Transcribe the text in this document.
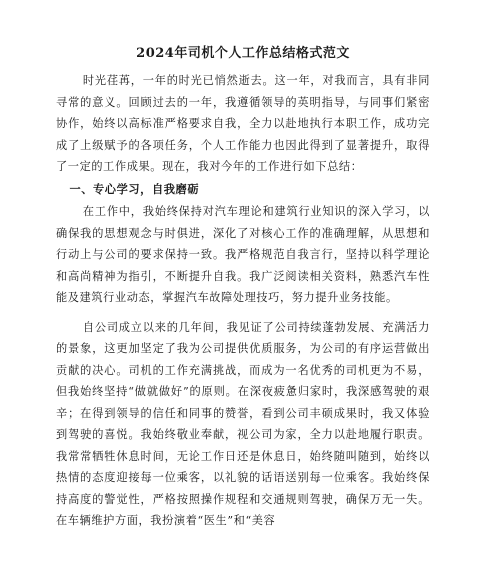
2024年司机个人工作总结格式范文

时光荏苒，一年的时光已悄然逝去。这一年，对我而言，具有非同寻常的意义。回顾过去的一年，我遵循领导的英明指导，与同事们紧密协作，始终以高标准严格要求自我，全力以赴地执行本职工作，成功完成了上级赋予的各项任务，个人工作能力也因此得到了显著提升，取得了一定的工作成果。现在，我对今年的工作进行如下总结：

一、专心学习，自我磨砺

在工作中，我始终保持对汽车理论和建筑行业知识的深入学习，以确保我的思想观念与时俱进，深化了对核心工作的准确理解，从思想和行动上与公司的要求保持一致。我严格规范自我言行，坚持以科学理论和高尚精神为指引，不断提升自我。我广泛阅读相关资料，熟悉汽车性能及建筑行业动态，掌握汽车故障处理技巧，努力提升业务技能。

自公司成立以来的几年间，我见证了公司持续蓬勃发展、充满活力的景象，这更加坚定了我为公司提供优质服务，为公司的有序运营做出贡献的决心。司机的工作充满挑战，而成为一名优秀的司机更为不易，但我始终坚持“做就做好”的原则。在深夜疲惫归家时，我深感驾驶的艰辛；在得到领导的信任和同事的赞誉，看到公司丰硕成果时，我又体验到驾驶的喜悦。我始终敬业奉献，视公司为家，全力以赴地履行职责。我常常牺牲休息时间，无论工作日还是休息日，始终随叫随到，始终以热情的态度迎接每一位乘客，以礼貌的话语送别每一位乘客。我始终保持高度的警觉性，严格按照操作规程和交通规则驾驶，确保万无一失。在车辆维护方面，我扮演着“医生”和“美容
